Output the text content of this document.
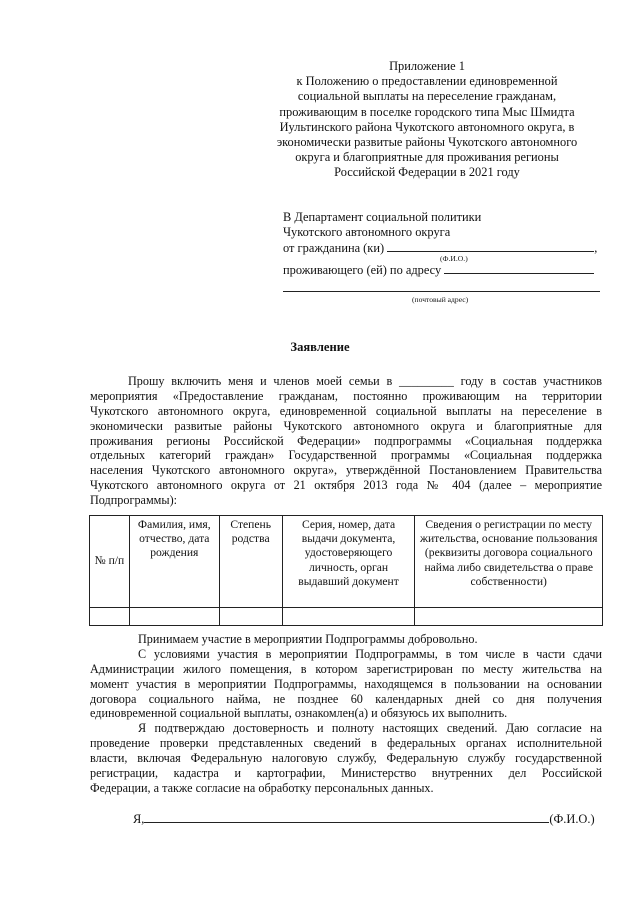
Приложение 1
к Положению о предоставлении единовременной
социальной выплаты на переселение гражданам,
проживающим в поселке городского типа Мыс Шмидта
Иультинского района Чукотского автономного округа, в
экономически развитые районы Чукотского автономного
округа и благоприятные для проживания регионы
Российской Федерации в 2021 году
В Департамент социальной политики
Чукотского автономного округа
от гражданина (ки)	,
(Ф.И.О.)
проживающего (ей) по адресу
(почтовый адрес)
Заявление
Прошу включить меня и членов моей семьи в _________ году в состав участников
мероприятия «Предоставление гражданам, постоянно проживающим на территории
Чукотского автономного округа, единовременной социальной выплаты на переселение в
экономически развитые районы Чукотского автономного округа и благоприятные для
проживания регионы Российской Федерации» подпрограммы «Социальная поддержка
отдельных категорий граждан» Государственной программы «Социальная поддержка
населения Чукотского автономного округа», утверждённой Постановлением Правительства
Чукотского автономного округа от 21 октября 2013 года № 404 (далее – мероприятие
Подпрограммы):
№ п/п	Фамилия, имя, отчество, дата рождения	Степень родства	Серия, номер, дата выдачи документа, удостоверяющего личность, орган выдавший документ	Сведения о регистрации по месту жительства, основание пользования (реквизиты договора социального найма либо свидетельства о праве собственности)

Принимаем участие в мероприятии Подпрограммы добровольно.
С условиями участия в мероприятии Подпрограммы, в том числе в части сдачи
Администрации жилого помещения, в котором зарегистрирован по месту жительства на
момент участия в мероприятии Подпрограммы, находящемся в пользовании на основании
договора социального найма, не позднее 60 календарных дней со дня получения
единовременной социальной выплаты, ознакомлен(а) и обязуюсь их выполнить.
Я подтверждаю достоверность и полноту настоящих сведений. Даю согласие на
проведение проверки представленных сведений в федеральных органах исполнительной
власти, включая Федеральную налоговую службу, Федеральную службу государственной
регистрации, кадастра и картографии, Министерство внутренних дел Российской
Федерации, а также согласие на обработку персональных данных.
Я,	(Ф.И.О.)
